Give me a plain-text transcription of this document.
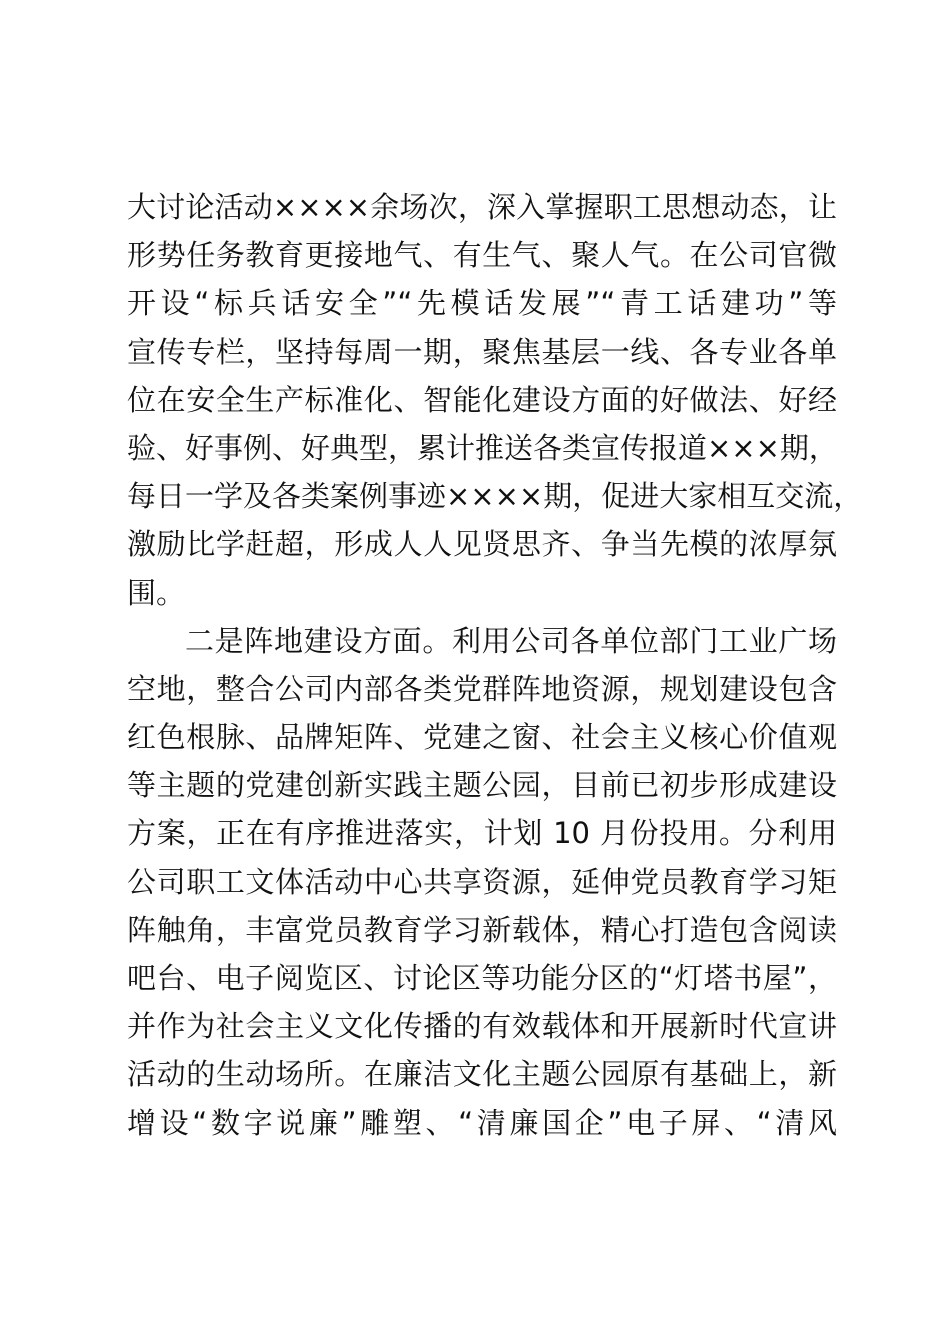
大讨论活动××××余场次，深入掌握职工思想动态，让
形势任务教育更接地气、有生气、聚人气。在公司官微
开设“标兵话安全”“先模话发展”“青工话建功”等
宣传专栏，坚持每周一期，聚焦基层一线、各专业各单
位在安全生产标准化、智能化建设方面的好做法、好经
验、好事例、好典型，累计推送各类宣传报道×××期，
每日一学及各类案例事迹××××期，促进大家相互交流，
激励比学赶超，形成人人见贤思齐、争当先模的浓厚氛
围。
二是阵地建设方面。利用公司各单位部门工业广场
空地，整合公司内部各类党群阵地资源，规划建设包含
红色根脉、品牌矩阵、党建之窗、社会主义核心价值观
等主题的党建创新实践主题公园，目前已初步形成建设
方案，正在有序推进落实，计划 10 月份投用。分利用
公司职工文体活动中心共享资源，延伸党员教育学习矩
阵触角，丰富党员教育学习新载体，精心打造包含阅读
吧台、电子阅览区、讨论区等功能分区的“灯塔书屋”，
并作为社会主义文化传播的有效载体和开展新时代宣讲
活动的生动场所。在廉洁文化主题公园原有基础上，新
增设“数字说廉”雕塑、“清廉国企”电子屏、“清风
